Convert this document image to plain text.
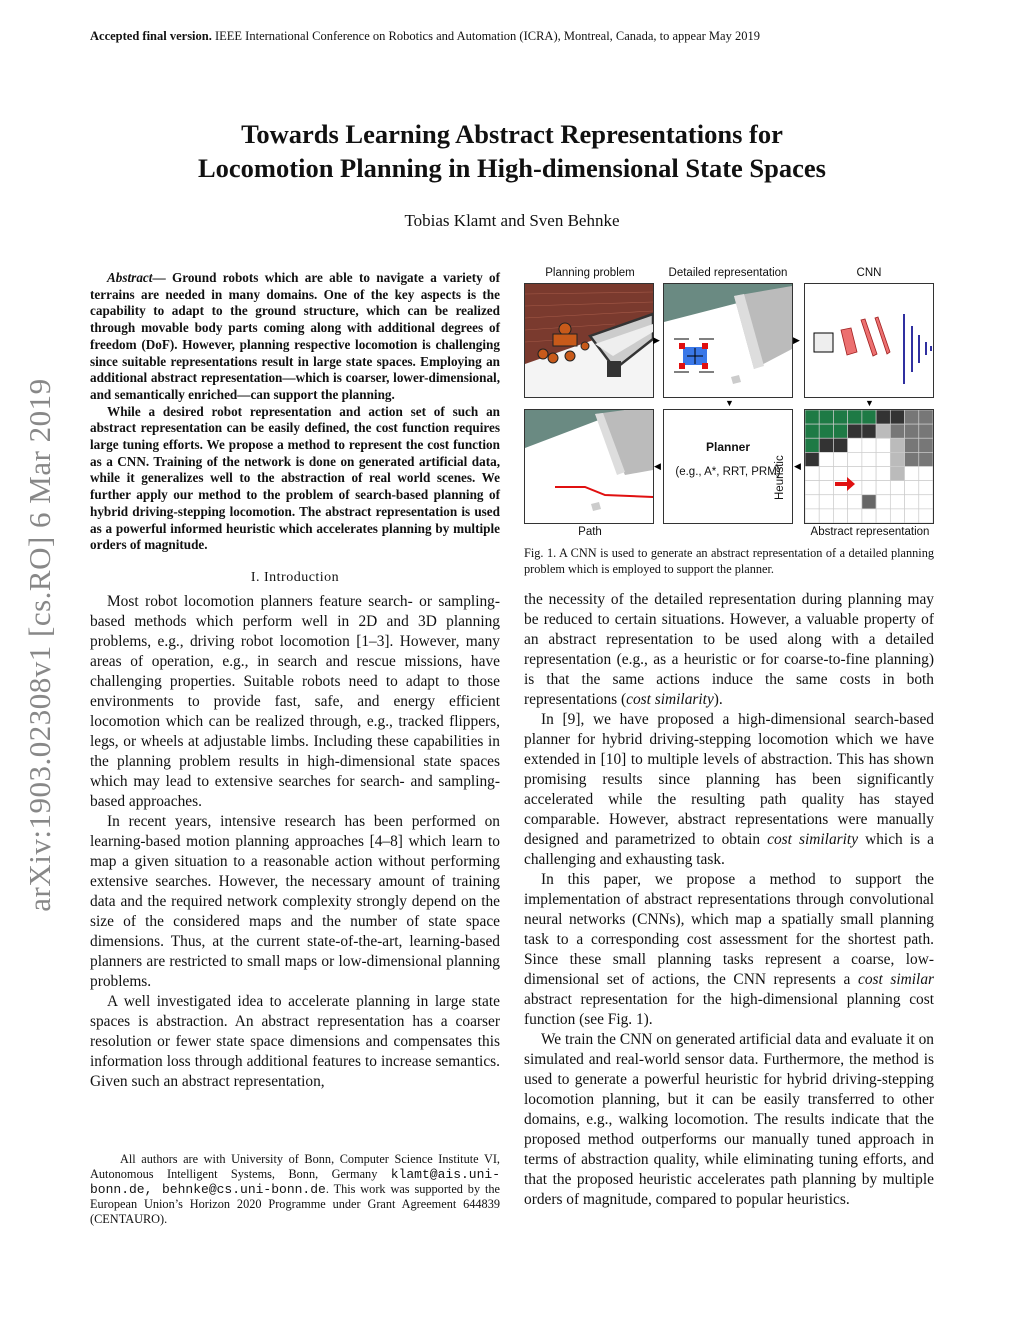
Accepted final version. IEEE International Conference on Robotics and Automation (ICRA), Montreal, Canada, to appear May 2019
Towards Learning Abstract Representations for
Locomotion Planning in High-dimensional State Spaces
Tobias Klamt and Sven Behnke
arXiv:1903.02308v1 [cs.RO] 6 Mar 2019

Abstract— Ground robots which are able to navigate a variety of terrains are needed in many domains. One of the key aspects is the capability to adapt to the ground structure, which can be realized through movable body parts coming along with additional degrees of freedom (DoF). However, planning respective locomotion is challenging since suitable representations result in large state spaces. Employing an additional abstract representation—which is coarser, lower-dimensional, and semantically enriched—can support the planning.

While a desired robot representation and action set of such an abstract representation can be easily defined, the cost function requires large tuning efforts. We propose a method to represent the cost function as a CNN. Training of the network is done on generated artificial data, while it generalizes well to the abstraction of real world scenes. We further apply our method to the problem of search-based planning of hybrid driving-stepping locomotion. The abstract representation is used as a powerful informed heuristic which accelerates planning by multiple orders of magnitude.

I. Introduction

Most robot locomotion planners feature search- or sampling-based methods which perform well in 2D and 3D planning problems, e.g., driving robot locomotion [1–3]. However, many areas of operation, e.g., in search and rescue missions, have challenging properties. Suitable robots need to adapt to those environments to provide fast, safe, and energy efficient locomotion which can be realized through, e.g., tracked flippers, legs, or wheels at adjustable limbs. Including these capabilities in the planning problem results in high-dimensional state spaces which may lead to extensive searches for search- and sampling-based approaches.

In recent years, intensive research has been performed on learning-based motion planning approaches [4–8] which learn to map a given situation to a reasonable action without performing extensive searches. However, the necessary amount of training data and the required network complexity strongly depend on the size of the considered maps and the number of state space dimensions. Thus, at the current state-of-the-art, learning-based planners are restricted to small maps or low-dimensional planning problems.

A well investigated idea to accelerate planning in large state spaces is abstraction. An abstract representation has a coarser resolution or fewer state space dimensions and compensates this information loss through additional features to increase semantics. Given such an abstract representation,

All authors are with University of Bonn, Computer Science Institute VI, Autonomous Intelligent Systems, Bonn, Germany klamt@ais.uni-bonn.de, behnke@cs.uni-bonn.de. This work was supported by the European Union’s Horizon 2020 Programme under Grant Agreement 644839 (CENTAURO).
Planning problem	Detailed representation	CNN
▶	▶
▼	▼
◀
Planner
(e.g., A*, RRT, PRM)	◀
Heuristic
Path	Abstract representation
Fig. 1. A CNN is used to generate an abstract representation of a detailed planning problem which is employed to support the planner.

the necessity of the detailed representation during planning may be reduced to certain situations. However, a valuable property of an abstract representation to be used along with a detailed representation (e.g., as a heuristic or for coarse-to-fine planning) is that the same actions induce the same costs in both representations (cost similarity).

In [9], we have proposed a high-dimensional search-based planner for hybrid driving-stepping locomotion which we have extended in [10] to multiple levels of abstraction. This has shown promising results since planning has been significantly accelerated while the resulting path quality has stayed comparable. However, abstract representations were manually designed and parametrized to obtain cost similarity which is a challenging and exhausting task.

In this paper, we propose a method to support the implementation of abstract representations through convolutional neural networks (CNNs), which map a spatially small planning task to a corresponding cost assessment for the shortest path. Since these small planning tasks represent a coarse, low-dimensional set of actions, the CNN represents a cost similar abstract representation for the high-dimensional planning cost function (see Fig. 1).

We train the CNN on generated artificial data and evaluate it on simulated and real-world sensor data. Furthermore, the method is used to generate a powerful heuristic for hybrid driving-stepping locomotion planning, but it can be easily transferred to other domains, e.g., walking locomotion. The results indicate that the proposed method outperforms our manually tuned approach in terms of abstraction quality, while eliminating tuning efforts, and that the proposed heuristic accelerates path planning by multiple orders of magnitude, compared to popular heuristics.
